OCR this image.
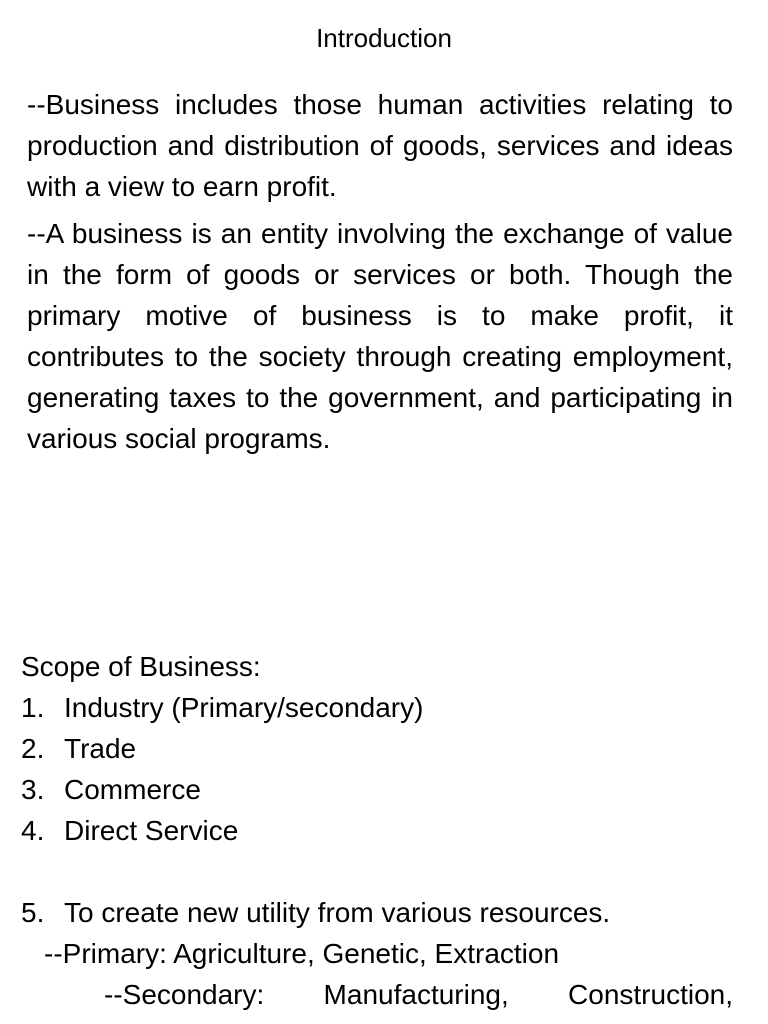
Introduction

--Business includes those human activities relating to production and distribution of goods, services and ideas with a view to earn profit.

--A business is an entity involving the exchange of value in the form of goods or services or both. Though the primary motive of business is to make profit, it contributes to the society through creating employment, generating taxes to the government, and participating in various social programs.

Scope of Business:

1. Industry (Primary/secondary)
2. Trade
3. Commerce
4. Direct Service
5. To create new utility from various resources.

--Primary: Agriculture, Genetic, Extraction

--Secondary: Manufacturing, Construction,
